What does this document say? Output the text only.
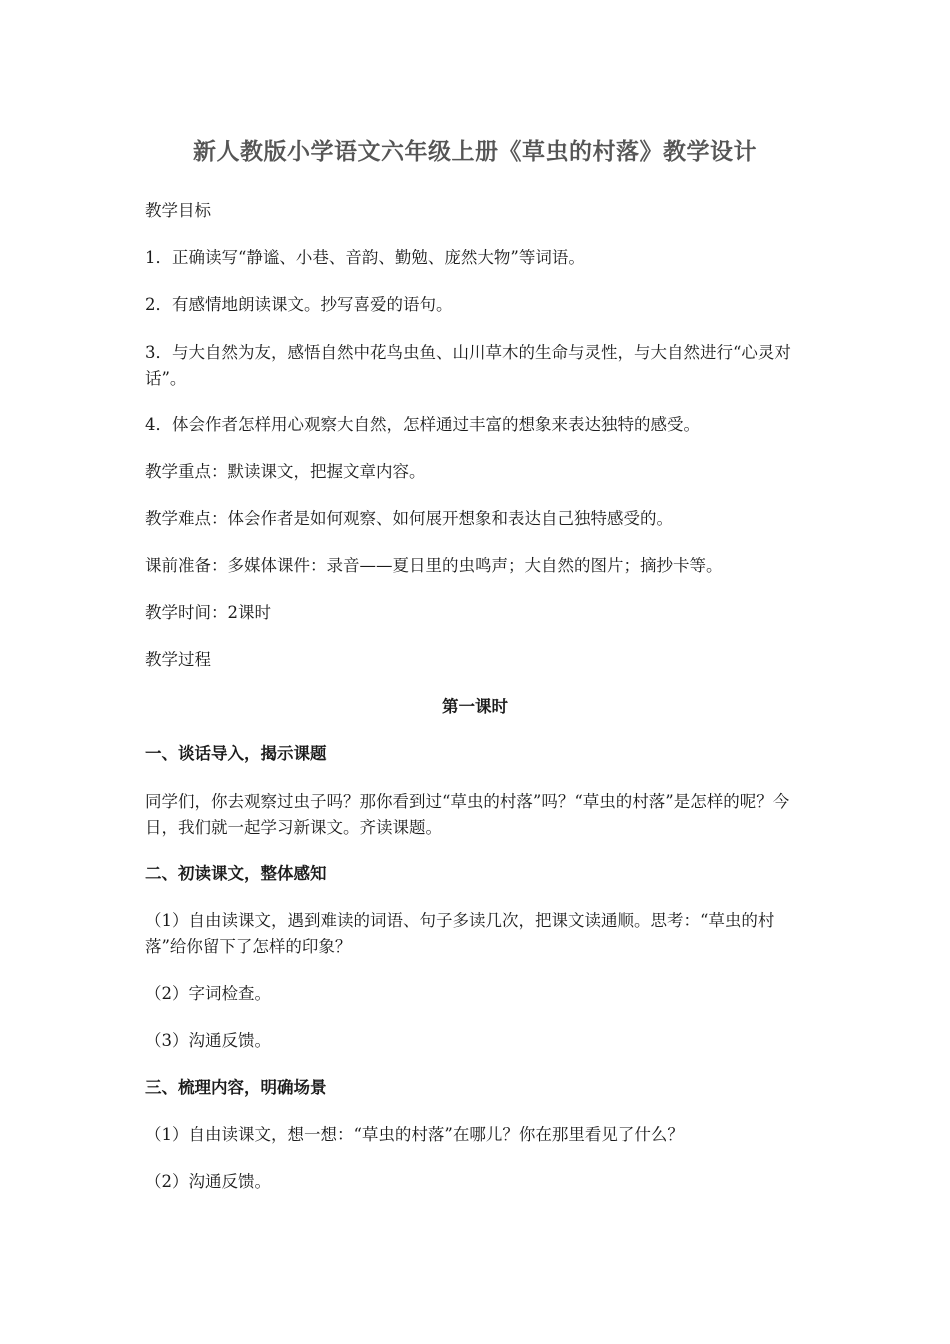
新人教版小学语文六年级上册《草虫的村落》教学设计

教学目标

1．正确读写“静谧、小巷、音韵、勤勉、庞然大物”等词语。

2．有感情地朗读课文。抄写喜爱的语句。

3．与大自然为友，感悟自然中花鸟虫鱼、山川草木的生命与灵性，与大自然进行“心灵对话”。

4．体会作者怎样用心观察大自然，怎样通过丰富的想象来表达独特的感受。

教学重点：默读课文，把握文章内容。

教学难点：体会作者是如何观察、如何展开想象和表达自己独特感受的。

课前准备：多媒体课件：录音——夏日里的虫鸣声；大自然的图片；摘抄卡等。

教学时间：2课时

教学过程

第一课时

一、谈话导入，揭示课题

同学们，你去观察过虫子吗？那你看到过“草虫的村落”吗？“草虫的村落”是怎样的呢？今日，我们就一起学习新课文。齐读课题。

二、初读课文，整体感知

（1）自由读课文，遇到难读的词语、句子多读几次，把课文读通顺。思考：“草虫的村落”给你留下了怎样的印象？

（2）字词检查。

（3）沟通反馈。

三、梳理内容，明确场景

（1）自由读课文，想一想：“草虫的村落”在哪儿？你在那里看见了什么？

（2）沟通反馈。
